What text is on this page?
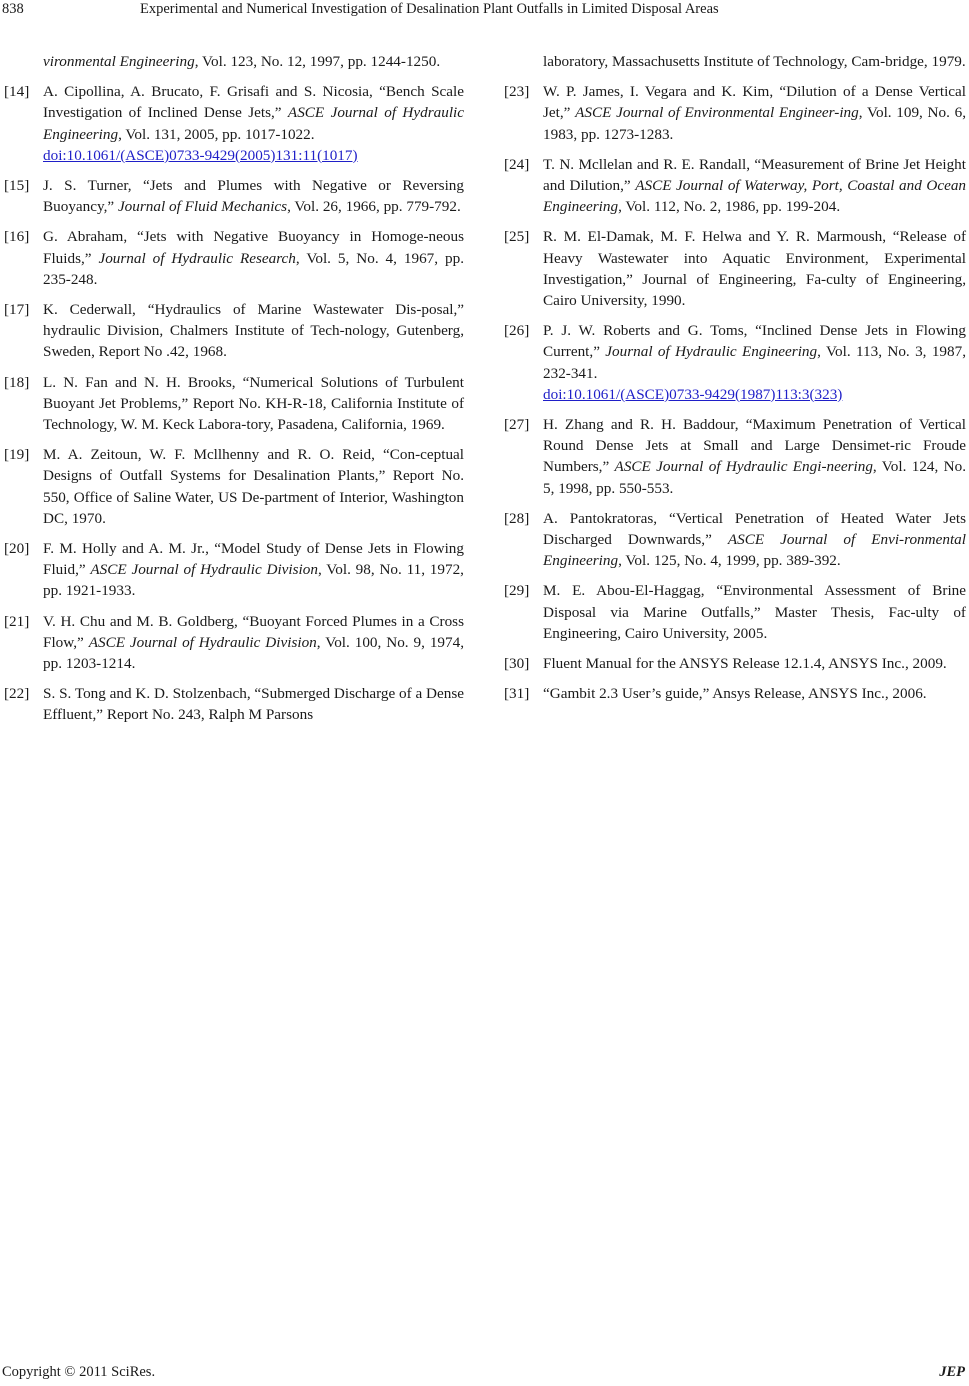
838	Experimental and Numerical Investigation of Desalination Plant Outfalls in Limited Disposal Areas
vironmental Engineering, Vol. 123, No. 12, 1997, pp. 1244-1250.
[14] A. Cipollina, A. Brucato, F. Grisafi and S. Nicosia, “Bench Scale Investigation of Inclined Dense Jets,” ASCE Journal of Hydraulic Engineering, Vol. 131, 2005, pp. 1017-1022.
doi:10.1061/(ASCE)0733-9429(2005)131:11(1017)
[15] J. S. Turner, “Jets and Plumes with Negative or Reversing Buoyancy,” Journal of Fluid Mechanics, Vol. 26, 1966, pp. 779-792.
[16] G. Abraham, “Jets with Negative Buoyancy in Homoge-neous Fluids,” Journal of Hydraulic Research, Vol. 5, No. 4, 1967, pp. 235-248.
[17] K. Cederwall, “Hydraulics of Marine Wastewater Dis-posal,” hydraulic Division, Chalmers Institute of Tech-nology, Gutenberg, Sweden, Report No .42, 1968.
[18] L. N. Fan and N. H. Brooks, “Numerical Solutions of Turbulent Buoyant Jet Problems,” Report No. KH-R-18, California Institute of Technology, W. M. Keck Labora-tory, Pasadena, California, 1969.
[19] M. A. Zeitoun, W. F. Mcllhenny and R. O. Reid, “Con-ceptual Designs of Outfall Systems for Desalination Plants,” Report No. 550, Office of Saline Water, US De-partment of Interior, Washington DC, 1970.
[20] F. M. Holly and A. M. Jr., “Model Study of Dense Jets in Flowing Fluid,” ASCE Journal of Hydraulic Division, Vol. 98, No. 11, 1972, pp. 1921-1933.
[21] V. H. Chu and M. B. Goldberg, “Buoyant Forced Plumes in a Cross Flow,” ASCE Journal of Hydraulic Division, Vol. 100, No. 9, 1974, pp. 1203-1214.
[22] S. S. Tong and K. D. Stolzenbach, “Submerged Discharge of a Dense Effluent,” Report No. 243, Ralph M Parsons
laboratory, Massachusetts Institute of Technology, Cam-bridge, 1979.
[23] W. P. James, I. Vegara and K. Kim, “Dilution of a Dense Vertical Jet,” ASCE Journal of Environmental Engineer-ing, Vol. 109, No. 6, 1983, pp. 1273-1283.
[24] T. N. Mcllelan and R. E. Randall, “Measurement of Brine Jet Height and Dilution,” ASCE Journal of Waterway, Port, Coastal and Ocean Engineering, Vol. 112, No. 2, 1986, pp. 199-204.
[25] R. M. El-Damak, M. F. Helwa and Y. R. Marmoush, “Release of Heavy Wastewater into Aquatic Environment, Experimental Investigation,” Journal of Engineering, Fa-culty of Engineering, Cairo University, 1990.
[26] P. J. W. Roberts and G. Toms, “Inclined Dense Jets in Flowing Current,” Journal of Hydraulic Engineering, Vol. 113, No. 3, 1987, 232-341.
doi:10.1061/(ASCE)0733-9429(1987)113:3(323)
[27] H. Zhang and R. H. Baddour, “Maximum Penetration of Vertical Round Dense Jets at Small and Large Densimet-ric Froude Numbers,” ASCE Journal of Hydraulic Engi-neering, Vol. 124, No. 5, 1998, pp. 550-553.
[28] A. Pantokratoras, “Vertical Penetration of Heated Water Jets Discharged Downwards,” ASCE Journal of Envi-ronmental Engineering, Vol. 125, No. 4, 1999, pp. 389-392.
[29] M. E. Abou-El-Haggag, “Environmental Assessment of Brine Disposal via Marine Outfalls,” Master Thesis, Fac-ulty of Engineering, Cairo University, 2005.
[30] Fluent Manual for the ANSYS Release 12.1.4, ANSYS Inc., 2009.
[31] “Gambit 2.3 User’s guide,” Ansys Release, ANSYS Inc., 2006.
Copyright © 2011 SciRes.	JEP
